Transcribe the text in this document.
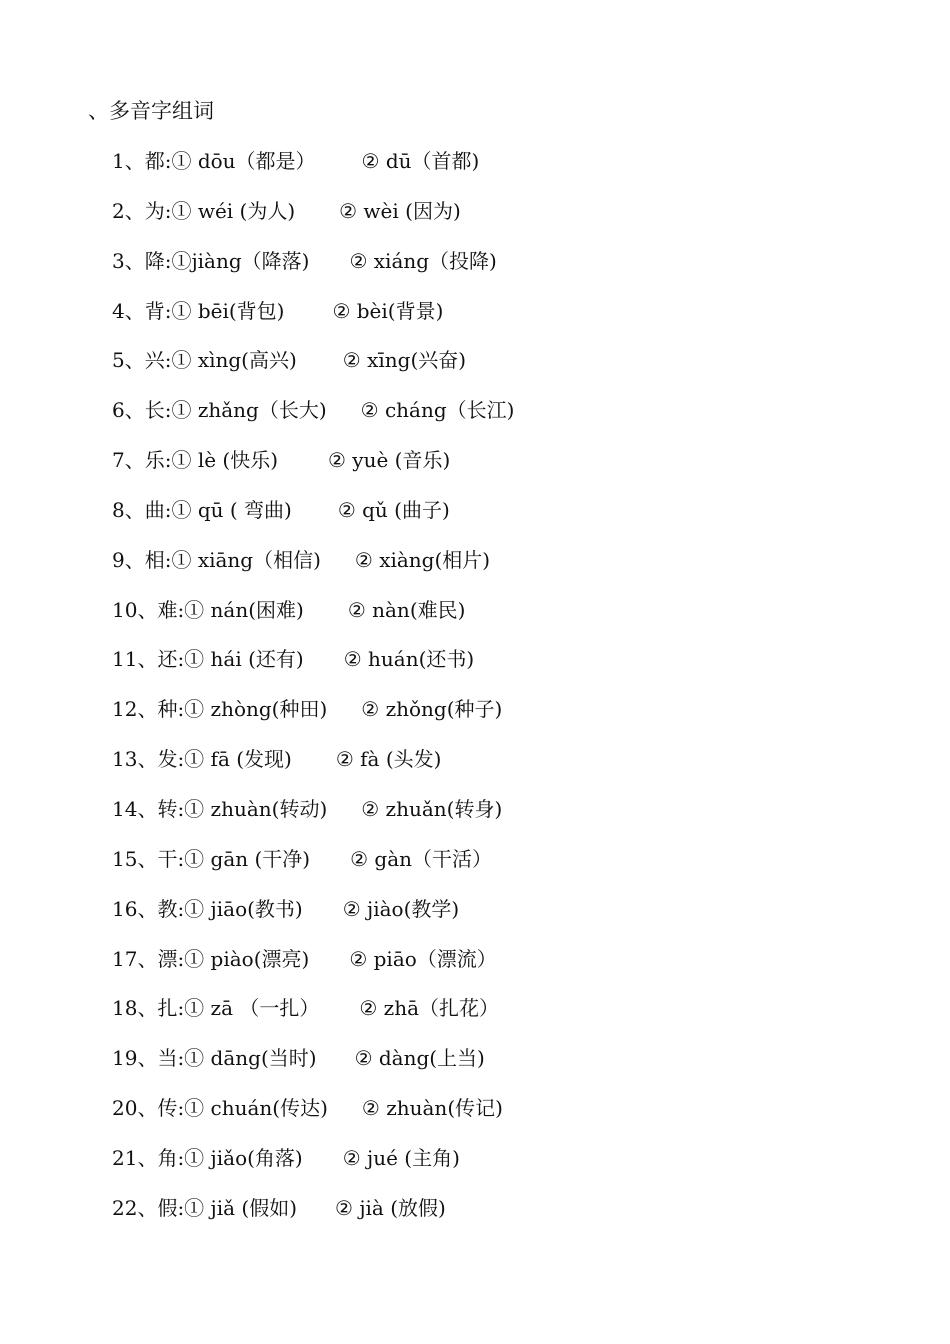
、多音字组词
1、都:① dōu（都是） ② dū（首都)
2、为:① wéi (为人) ② wèi (因为)
3、降:①jiàng（降落) ② xiáng（投降)
4、背:① bēi(背包) ② bèi(背景)
5、兴:① xìng(高兴) ② xīng(兴奋)
6、长:① zhǎng（长大) ② cháng（长江)
7、乐:① lè (快乐)	② yuè (音乐)
8、曲:① qū ( 弯曲) ② qǔ (曲子)
9、相:① xiāng（相信) ② xiàng(相片)
10、难:① nán(困难) ② nàn(难民)
11、还:① hái (还有) ② huán(还书)
12、种:① zhòng(种田) ② zhǒng(种子)
13、发:① fā (发现) ② fà (头发)
14、转:① zhuàn(转动) ② zhuǎn(转身)
15、干:① gān (干净) ② gàn（干活）
16、教:① jiāo(教书) ② jiào(教学)
17、漂:① piào(漂亮) ② piāo（漂流）
18、扎:① zā （一扎） ② zhā（扎花）
19、当:① dāng(当时) ② dàng(上当)
20、传:① chuán(传达) ② zhuàn(传记)
21、角:① jiǎo(角落) ② jué (主角)
22、假:① jiǎ (假如) ② jià (放假)
